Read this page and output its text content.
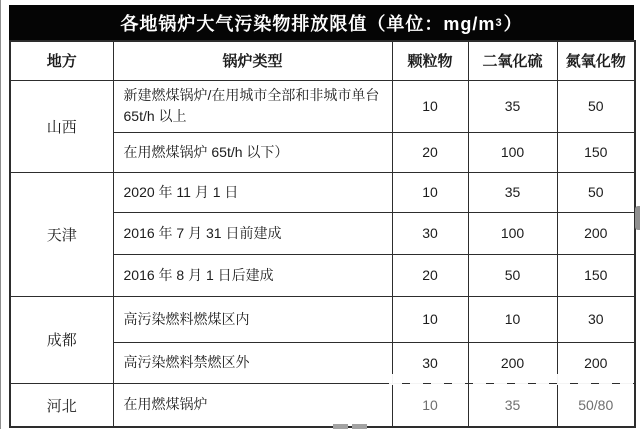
各地锅炉大气污染物排放限值（单位：mg/m 3 ）
地方	锅炉类型	颗粒物	二氧化硫	氮氧化物
山西	新建燃煤锅炉/在用城市全部和非城市单台 65t/h 以上	10	35	50
	在用燃煤锅炉 65t/h 以下）	20	100	150
天津	2020 年 11 月 1 日	10	35	50
	2016 年 7 月 31 日前建成	30	100	200
	2016 年 8 月 1 日后建成	20	50	150
成都	高污染燃料燃煤区内	10	10	30
	高污染燃料禁燃区外	30	200	200
河北	在用燃煤锅炉	10	35	50/80
